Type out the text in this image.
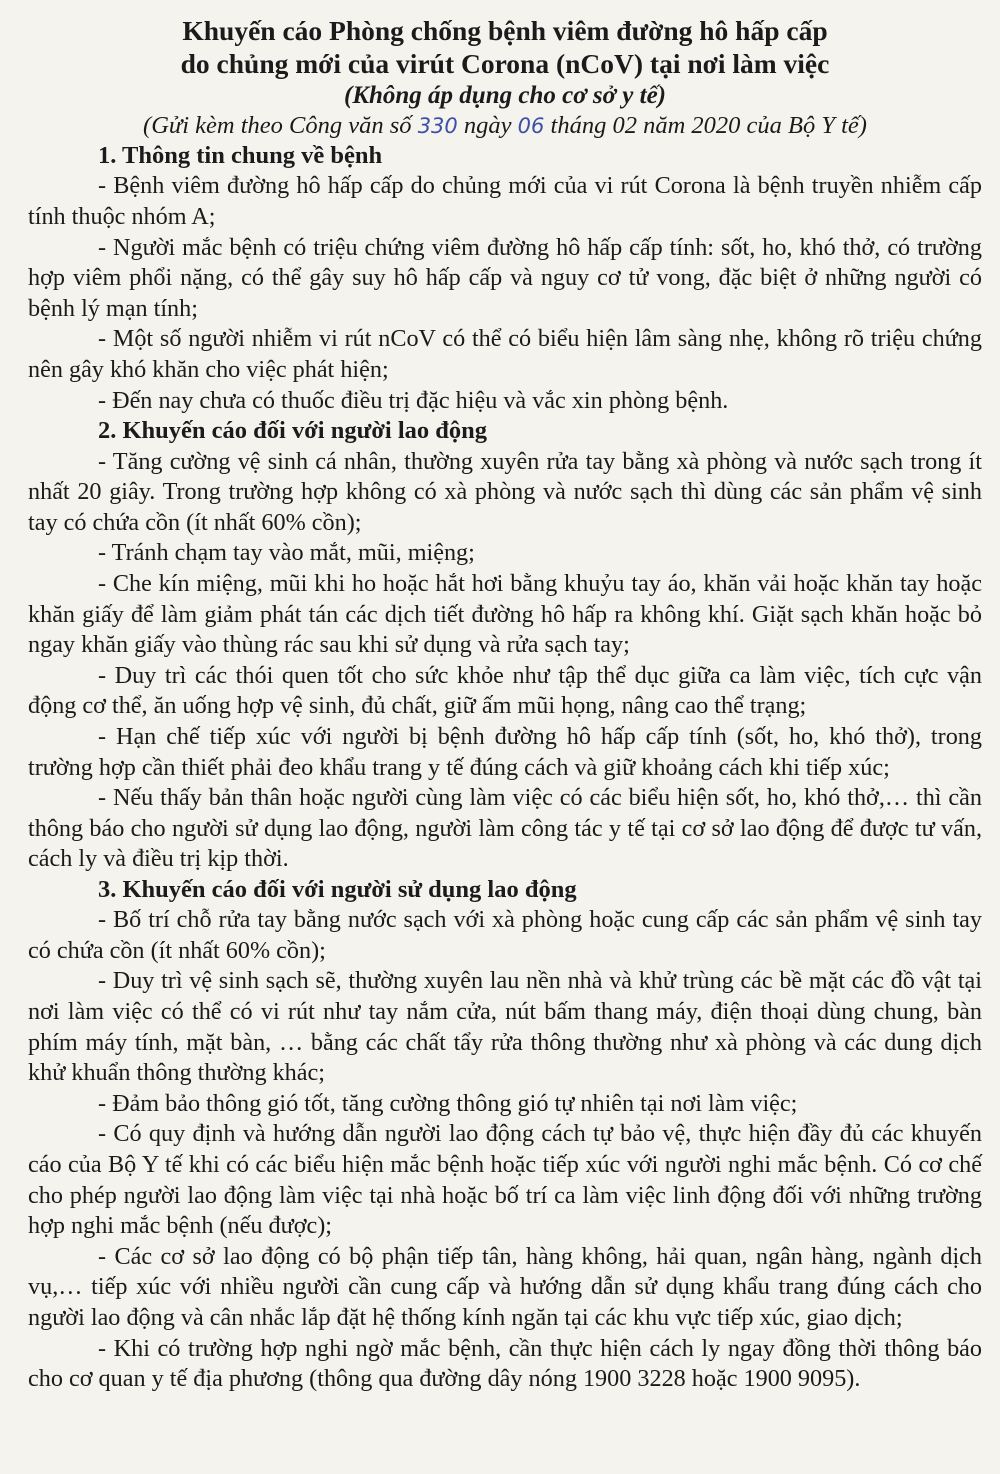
Khuyến cáo Phòng chống bệnh viêm đường hô hấp cấp
do chủng mới của virút Corona (nCoV) tại nơi làm việc

(Không áp dụng cho cơ sở y tế)

(Gửi kèm theo Công văn số 330 ngày 06 tháng 02 năm 2020 của Bộ Y tế)

1. Thông tin chung về bệnh

- Bệnh viêm đường hô hấp cấp do chủng mới của vi rút Corona là bệnh truyền nhiễm cấp tính thuộc nhóm A;

- Người mắc bệnh có triệu chứng viêm đường hô hấp cấp tính: sốt, ho, khó thở, có trường hợp viêm phổi nặng, có thể gây suy hô hấp cấp và nguy cơ tử vong, đặc biệt ở những người có bệnh lý mạn tính;

- Một số người nhiễm vi rút nCoV có thể có biểu hiện lâm sàng nhẹ, không rõ triệu chứng nên gây khó khăn cho việc phát hiện;

- Đến nay chưa có thuốc điều trị đặc hiệu và vắc xin phòng bệnh.

2. Khuyến cáo đối với người lao động

- Tăng cường vệ sinh cá nhân, thường xuyên rửa tay bằng xà phòng và nước sạch trong ít nhất 20 giây. Trong trường hợp không có xà phòng và nước sạch thì dùng các sản phẩm vệ sinh tay có chứa cồn (ít nhất 60% cồn);

- Tránh chạm tay vào mắt, mũi, miệng;

- Che kín miệng, mũi khi ho hoặc hắt hơi bằng khuỷu tay áo, khăn vải hoặc khăn tay hoặc khăn giấy để làm giảm phát tán các dịch tiết đường hô hấp ra không khí. Giặt sạch khăn hoặc bỏ ngay khăn giấy vào thùng rác sau khi sử dụng và rửa sạch tay;

- Duy trì các thói quen tốt cho sức khỏe như tập thể dục giữa ca làm việc, tích cực vận động cơ thể, ăn uống hợp vệ sinh, đủ chất, giữ ấm mũi họng, nâng cao thể trạng;

- Hạn chế tiếp xúc với người bị bệnh đường hô hấp cấp tính (sốt, ho, khó thở), trong trường hợp cần thiết phải đeo khẩu trang y tế đúng cách và giữ khoảng cách khi tiếp xúc;

- Nếu thấy bản thân hoặc người cùng làm việc có các biểu hiện sốt, ho, khó thở,… thì cần thông báo cho người sử dụng lao động, người làm công tác y tế tại cơ sở lao động để được tư vấn, cách ly và điều trị kịp thời.

3. Khuyến cáo đối với người sử dụng lao động

- Bố trí chỗ rửa tay bằng nước sạch với xà phòng hoặc cung cấp các sản phẩm vệ sinh tay có chứa cồn (ít nhất 60% cồn);

- Duy trì vệ sinh sạch sẽ, thường xuyên lau nền nhà và khử trùng các bề mặt các đồ vật tại nơi làm việc có thể có vi rút như tay nắm cửa, nút bấm thang máy, điện thoại dùng chung, bàn phím máy tính, mặt bàn, … bằng các chất tẩy rửa thông thường như xà phòng và các dung dịch khử khuẩn thông thường khác;

- Đảm bảo thông gió tốt, tăng cường thông gió tự nhiên tại nơi làm việc;

- Có quy định và hướng dẫn người lao động cách tự bảo vệ, thực hiện đầy đủ các khuyến cáo của Bộ Y tế khi có các biểu hiện mắc bệnh hoặc tiếp xúc với người nghi mắc bệnh. Có cơ chế cho phép người lao động làm việc tại nhà hoặc bố trí ca làm việc linh động đối với những trường hợp nghi mắc bệnh (nếu được);

- Các cơ sở lao động có bộ phận tiếp tân, hàng không, hải quan, ngân hàng, ngành dịch vụ,… tiếp xúc với nhiều người cần cung cấp và hướng dẫn sử dụng khẩu trang đúng cách cho người lao động và cân nhắc lắp đặt hệ thống kính ngăn tại các khu vực tiếp xúc, giao dịch;

- Khi có trường hợp nghi ngờ mắc bệnh, cần thực hiện cách ly ngay đồng thời thông báo cho cơ quan y tế địa phương (thông qua đường dây nóng 1900 3228 hoặc 1900 9095).
